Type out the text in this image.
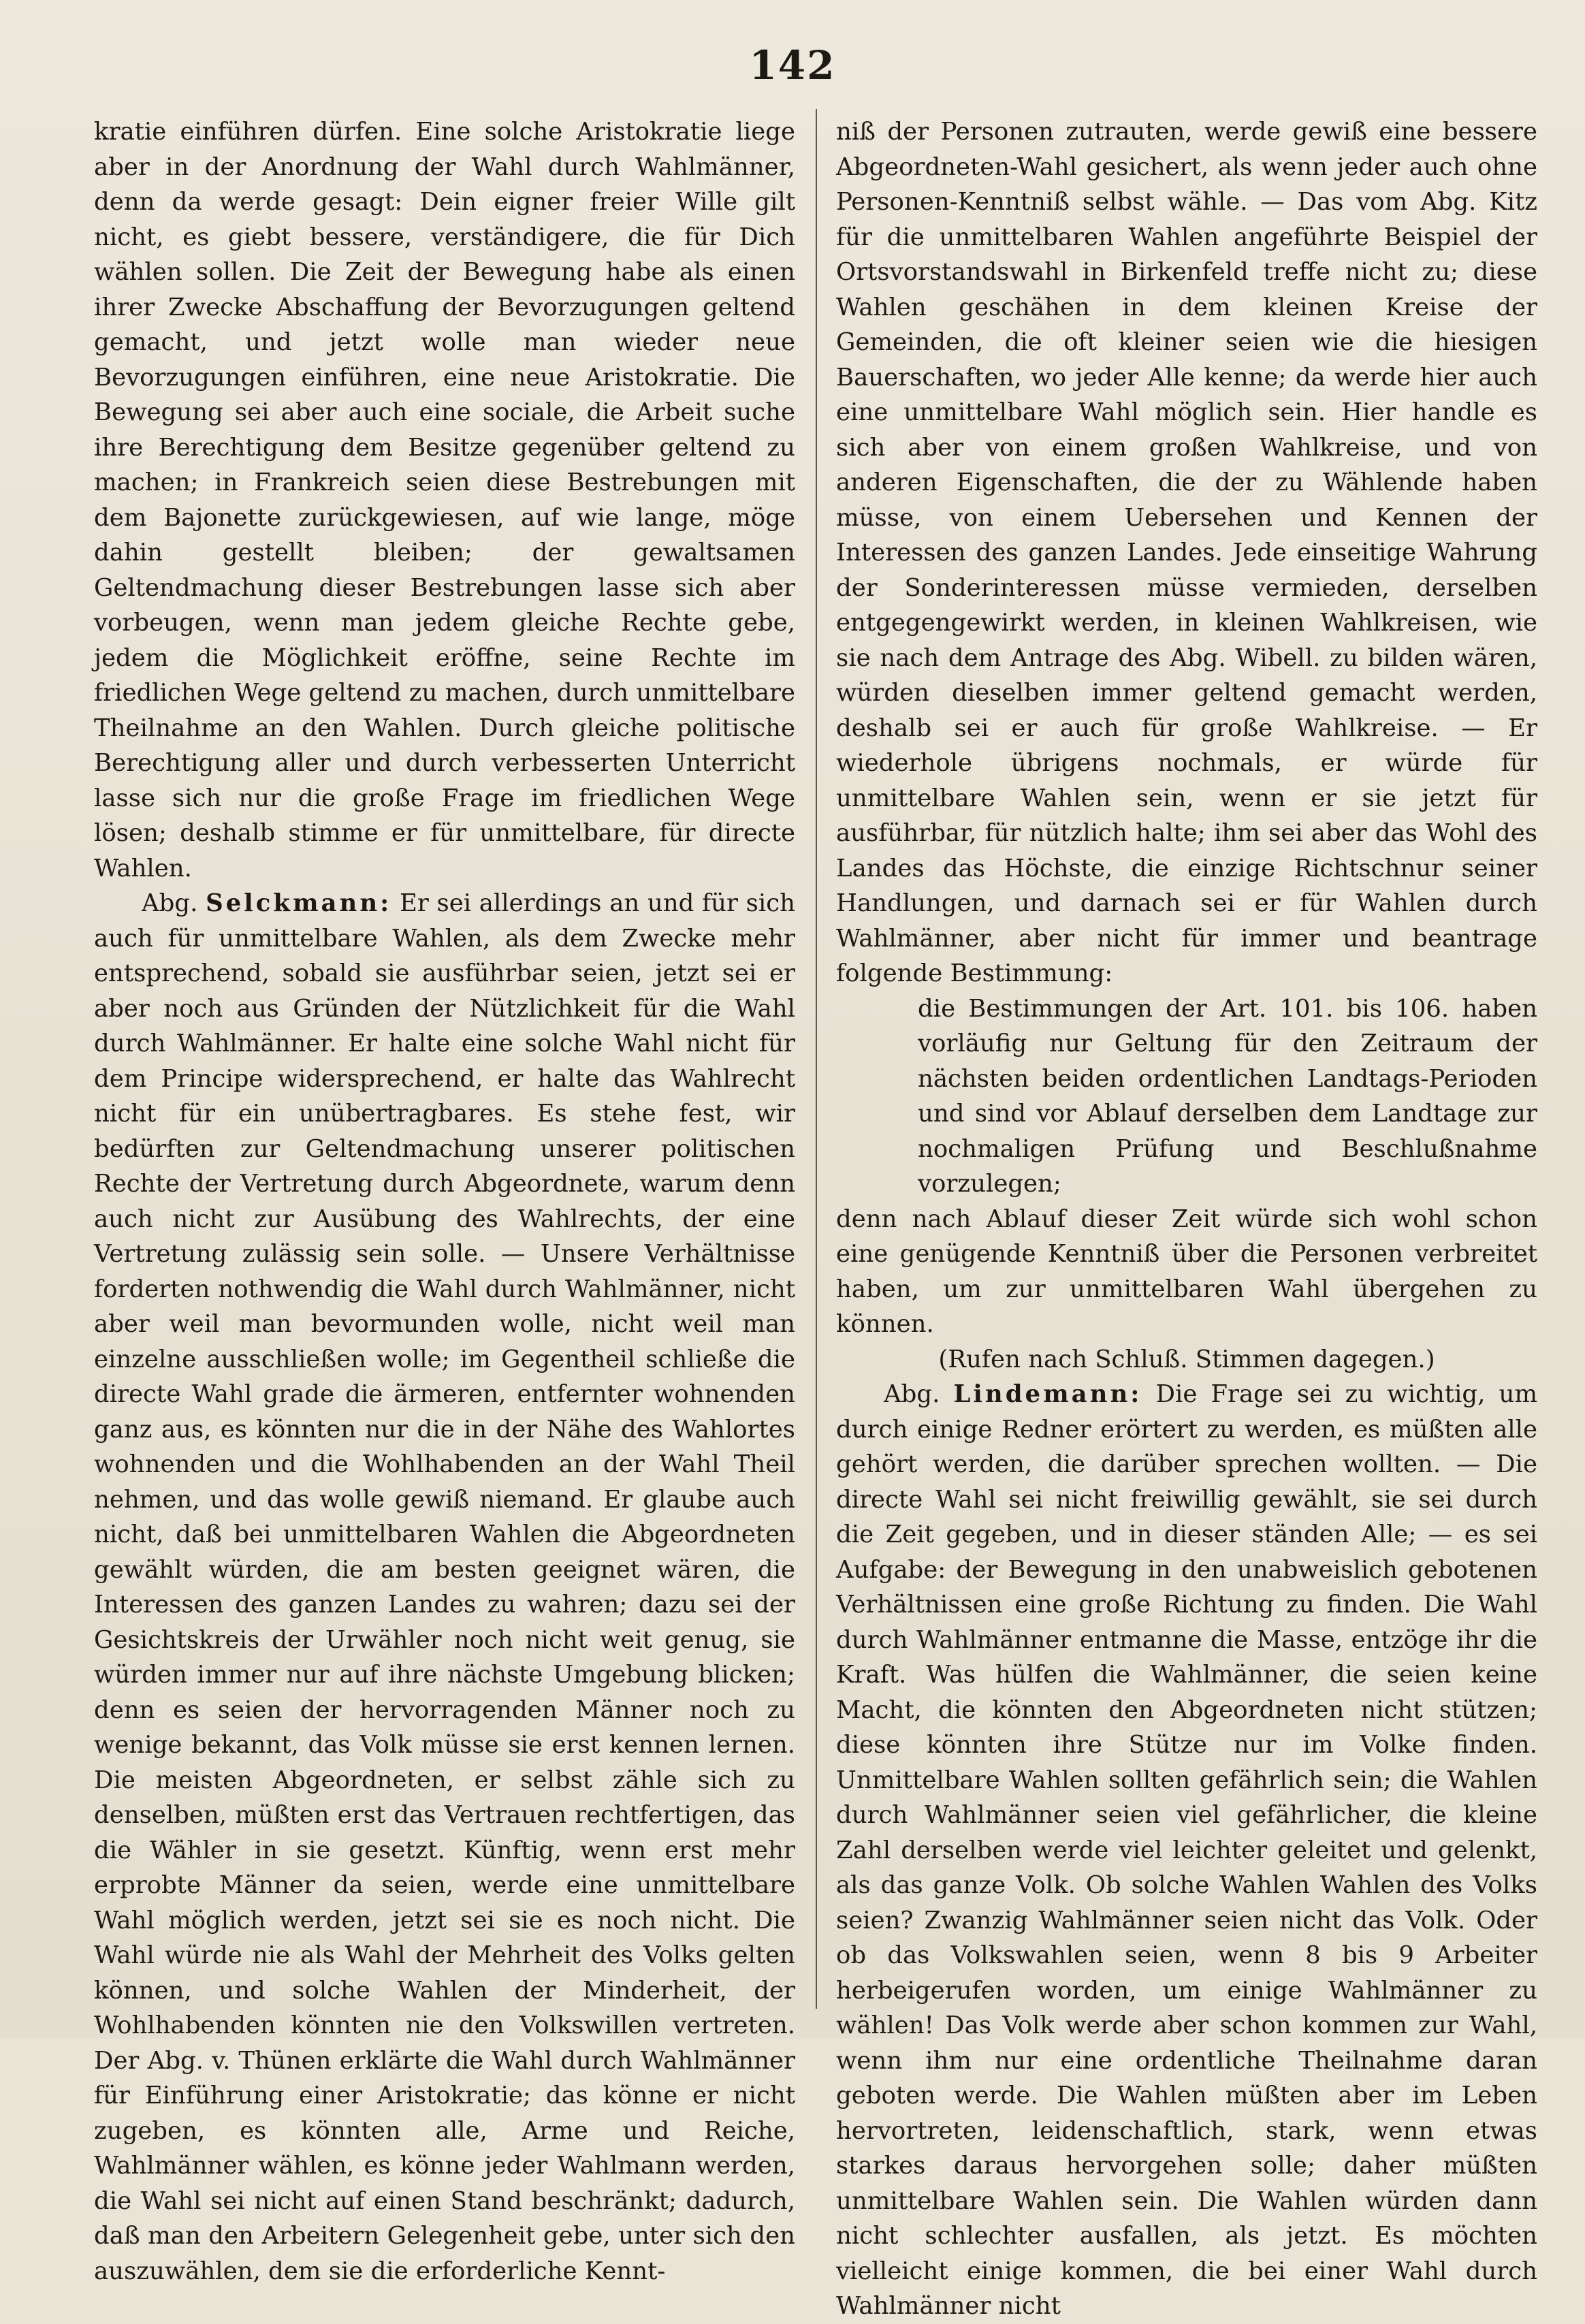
142

kratie einführen dürfen. Eine solche Aristokratie liege aber in der Anordnung der Wahl durch Wahlmänner, denn da werde gesagt: Dein eigner freier Wille gilt nicht, es giebt bessere, verständigere, die für Dich wählen sollen. Die Zeit der Bewegung habe als einen ihrer Zwecke Abschaffung der Bevorzugungen geltend gemacht, und jetzt wolle man wieder neue Bevorzugungen einführen, eine neue Aristokratie. Die Bewegung sei aber auch eine sociale, die Arbeit suche ihre Berechtigung dem Besitze gegenüber geltend zu machen; in Frankreich seien diese Bestrebungen mit dem Bajonette zurückgewiesen, auf wie lange, möge dahin gestellt bleiben; der gewaltsamen Geltendmachung dieser Bestrebungen lasse sich aber vorbeugen, wenn man jedem gleiche Rechte gebe, jedem die Möglichkeit eröffne, seine Rechte im friedlichen Wege geltend zu machen, durch unmittelbare Theilnahme an den Wahlen. Durch gleiche politische Berechtigung aller und durch verbesserten Unterricht lasse sich nur die große Frage im friedlichen Wege lösen; deshalb stimme er für unmittelbare, für directe Wahlen.

Abg. Selckmann: Er sei allerdings an und für sich auch für unmittelbare Wahlen, als dem Zwecke mehr entsprechend, sobald sie ausführbar seien, jetzt sei er aber noch aus Gründen der Nützlichkeit für die Wahl durch Wahlmänner. Er halte eine solche Wahl nicht für dem Principe widersprechend, er halte das Wahlrecht nicht für ein unübertragbares. Es stehe fest, wir bedürften zur Geltendmachung unserer politischen Rechte der Vertretung durch Abgeordnete, warum denn auch nicht zur Ausübung des Wahlrechts, der eine Vertretung zulässig sein solle. — Unsere Verhältnisse forderten nothwendig die Wahl durch Wahlmänner, nicht aber weil man bevormunden wolle, nicht weil man einzelne ausschließen wolle; im Gegentheil schließe die directe Wahl grade die ärmeren, entfernter wohnenden ganz aus, es könnten nur die in der Nähe des Wahlortes wohnenden und die Wohlhabenden an der Wahl Theil nehmen, und das wolle gewiß niemand. Er glaube auch nicht, daß bei unmittelbaren Wahlen die Abgeordneten gewählt würden, die am besten geeignet wären, die Interessen des ganzen Landes zu wahren; dazu sei der Gesichtskreis der Urwähler noch nicht weit genug, sie würden immer nur auf ihre nächste Umgebung blicken; denn es seien der hervorragenden Männer noch zu wenige bekannt, das Volk müsse sie erst kennen lernen. Die meisten Abgeordneten, er selbst zähle sich zu denselben, müßten erst das Vertrauen rechtfertigen, das die Wähler in sie gesetzt. Künftig, wenn erst mehr erprobte Männer da seien, werde eine unmittelbare Wahl möglich werden, jetzt sei sie es noch nicht. Die Wahl würde nie als Wahl der Mehrheit des Volks gelten können, und solche Wahlen der Minderheit, der Wohlhabenden könnten nie den Volkswillen vertreten. Der Abg. v. Thünen erklärte die Wahl durch Wahlmänner für Einführung einer Aristokratie; das könne er nicht zugeben, es könnten alle, Arme und Reiche, Wahlmänner wählen, es könne jeder Wahlmann werden, die Wahl sei nicht auf einen Stand beschränkt; dadurch, daß man den Arbeitern Gelegenheit gebe, unter sich den auszuwählen, dem sie die erforderliche Kennt-

niß der Personen zutrauten, werde gewiß eine bessere Abgeordneten-Wahl gesichert, als wenn jeder auch ohne Personen-Kenntniß selbst wähle. — Das vom Abg. Kitz für die unmittelbaren Wahlen angeführte Beispiel der Ortsvorstandswahl in Birkenfeld treffe nicht zu; diese Wahlen geschähen in dem kleinen Kreise der Gemeinden, die oft kleiner seien wie die hiesigen Bauerschaften, wo jeder Alle kenne; da werde hier auch eine unmittelbare Wahl möglich sein. Hier handle es sich aber von einem großen Wahlkreise, und von anderen Eigenschaften, die der zu Wählende haben müsse, von einem Uebersehen und Kennen der Interessen des ganzen Landes. Jede einseitige Wahrung der Sonderinteressen müsse vermieden, derselben entgegengewirkt werden, in kleinen Wahlkreisen, wie sie nach dem Antrage des Abg. Wibell. zu bilden wären, würden dieselben immer geltend gemacht werden, deshalb sei er auch für große Wahlkreise. — Er wiederhole übrigens nochmals, er würde für unmittelbare Wahlen sein, wenn er sie jetzt für ausführbar, für nützlich halte; ihm sei aber das Wohl des Landes das Höchste, die einzige Richtschnur seiner Handlungen, und darnach sei er für Wahlen durch Wahlmänner, aber nicht für immer und beantrage folgende Bestimmung:

die Bestimmungen der Art. 101. bis 106. haben vorläufig nur Geltung für den Zeitraum der nächsten beiden ordentlichen Landtags-Perioden und sind vor Ablauf derselben dem Landtage zur nochmaligen Prüfung und Beschlußnahme vorzulegen;

denn nach Ablauf dieser Zeit würde sich wohl schon eine genügende Kenntniß über die Personen verbreitet haben, um zur unmittelbaren Wahl übergehen zu können.

(Rufen nach Schluß. Stimmen dagegen.)

Abg. Lindemann: Die Frage sei zu wichtig, um durch einige Redner erörtert zu werden, es müßten alle gehört werden, die darüber sprechen wollten. — Die directe Wahl sei nicht freiwillig gewählt, sie sei durch die Zeit gegeben, und in dieser ständen Alle; — es sei Aufgabe: der Bewegung in den unabweislich gebotenen Verhältnissen eine große Richtung zu finden. Die Wahl durch Wahlmänner entmanne die Masse, entzöge ihr die Kraft. Was hülfen die Wahlmänner, die seien keine Macht, die könnten den Abgeordneten nicht stützen; diese könnten ihre Stütze nur im Volke finden. Unmittelbare Wahlen sollten gefährlich sein; die Wahlen durch Wahlmänner seien viel gefährlicher, die kleine Zahl derselben werde viel leichter geleitet und gelenkt, als das ganze Volk. Ob solche Wahlen Wahlen des Volks seien? Zwanzig Wahlmänner seien nicht das Volk. Oder ob das Volkswahlen seien, wenn 8 bis 9 Arbeiter herbeigerufen worden, um einige Wahlmänner zu wählen! Das Volk werde aber schon kommen zur Wahl, wenn ihm nur eine ordentliche Theilnahme daran geboten werde. Die Wahlen müßten aber im Leben hervortreten, leidenschaftlich, stark, wenn etwas starkes daraus hervorgehen solle; daher müßten unmittelbare Wahlen sein. Die Wahlen würden dann nicht schlechter ausfallen, als jetzt. Es möchten vielleicht einige kommen, die bei einer Wahl durch Wahlmänner nicht
